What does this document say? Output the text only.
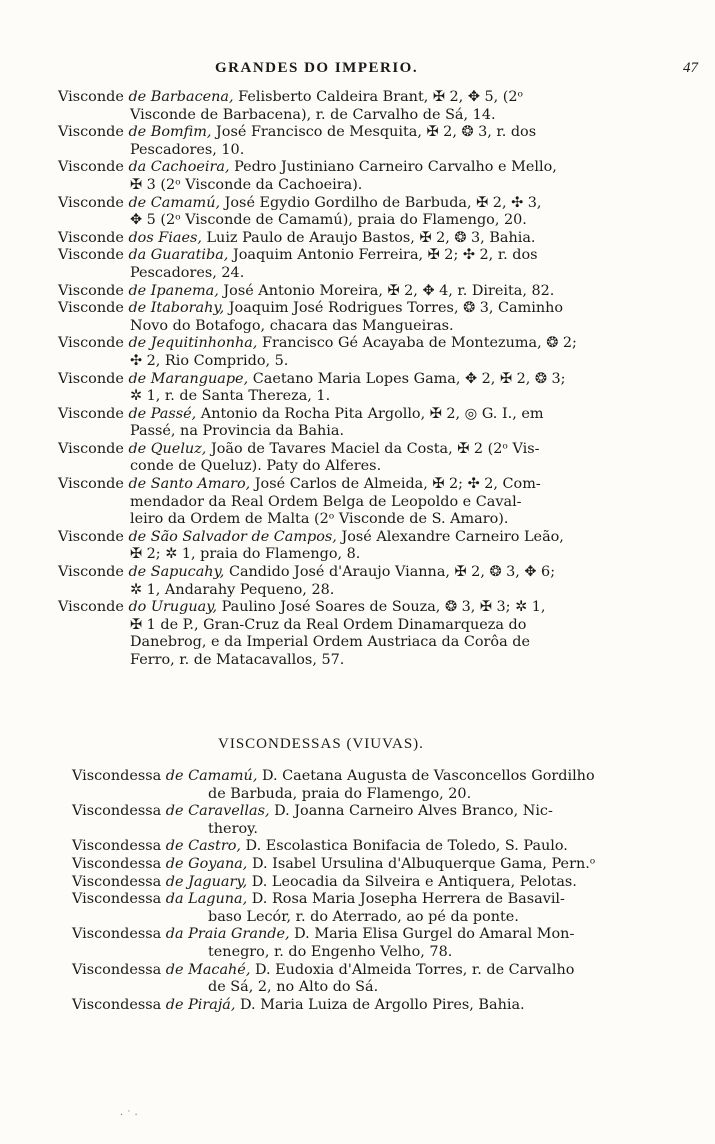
GRANDES DO IMPERIO.	47
Visconde de Barbacena, Felisberto Caldeira Brant, ✠ 2, ✥ 5, (2ᵒ
Visconde de Barbacena), r. de Carvalho de Sá, 14.
Visconde de Bomfim, José Francisco de Mesquita, ✠ 2, ❂ 3, r. dos
Pescadores, 10.
Visconde da Cachoeira, Pedro Justiniano Carneiro Carvalho e Mello,
✠ 3 (2ᵒ Visconde da Cachoeira).
Visconde de Camamú, José Egydio Gordilho de Barbuda, ✠ 2, ✣ 3,
✥ 5 (2ᵒ Visconde de Camamú), praia do Flamengo, 20.
Visconde dos Fiaes, Luiz Paulo de Araujo Bastos, ✠ 2, ❂ 3, Bahia.
Visconde da Guaratiba, Joaquim Antonio Ferreira, ✠ 2; ✣ 2, r. dos
Pescadores, 24.
Visconde de Ipanema, José Antonio Moreira, ✠ 2, ✥ 4, r. Direita, 82.
Visconde de Itaborahy, Joaquim José Rodrigues Torres, ❂ 3, Caminho
Novo do Botafogo, chacara das Mangueiras.
Visconde de Jequitinhonha, Francisco Gé Acayaba de Montezuma, ❂ 2;
✣ 2, Rio Comprido, 5.
Visconde de Maranguape, Caetano Maria Lopes Gama, ✥ 2, ✠ 2, ❂ 3;
✲ 1, r. de Santa Thereza, 1.
Visconde de Passé, Antonio da Rocha Pita Argollo, ✠ 2, ◎ G. I., em
Passé, na Provincia da Bahia.
Visconde de Queluz, João de Tavares Maciel da Costa, ✠ 2 (2ᵒ Vis-
conde de Queluz). Paty do Alferes.
Visconde de Santo Amaro, José Carlos de Almeida, ✠ 2; ✣ 2, Com-
mendador da Real Ordem Belga de Leopoldo e Caval-
leiro da Ordem de Malta (2ᵒ Visconde de S. Amaro).
Visconde de São Salvador de Campos, José Alexandre Carneiro Leão,
✠ 2; ✲ 1, praia do Flamengo, 8.
Visconde de Sapucahy, Candido José d'Araujo Vianna, ✠ 2, ❂ 3, ✥ 6;
✲ 1, Andarahy Pequeno, 28.
Visconde do Uruguay, Paulino José Soares de Souza, ❂ 3, ✠ 3; ✲ 1,
✠ 1 de P., Gran-Cruz da Real Ordem Dinamarqueza do
Danebrog, e da Imperial Ordem Austriaca da Corôa de
Ferro, r. de Matacavallos, 57.
VISCONDESSAS (VIUVAS).
Viscondessa de Camamú, D. Caetana Augusta de Vasconcellos Gordilho
de Barbuda, praia do Flamengo, 20.
Viscondessa de Caravellas, D. Joanna Carneiro Alves Branco, Nic-
theroy.
Viscondessa de Castro, D. Escolastica Bonifacia de Toledo, S. Paulo.
Viscondessa de Goyana, D. Isabel Ursulina d'Albuquerque Gama, Pern.ᵒ
Viscondessa de Jaguary, D. Leocadia da Silveira e Antiquera, Pelotas.
Viscondessa da Laguna, D. Rosa Maria Josepha Herrera de Basavil-
baso Lecór, r. do Aterrado, ao pé da ponte.
Viscondessa da Praia Grande, D. Maria Elisa Gurgel do Amaral Mon-
tenegro, r. do Engenho Velho, 78.
Viscondessa de Macahé, D. Eudoxia d'Almeida Torres, r. de Carvalho
de Sá, 2, no Alto do Sá.
Viscondessa de Pirajá, D. Maria Luiza de Argollo Pires, Bahia.
· ˙ ·
